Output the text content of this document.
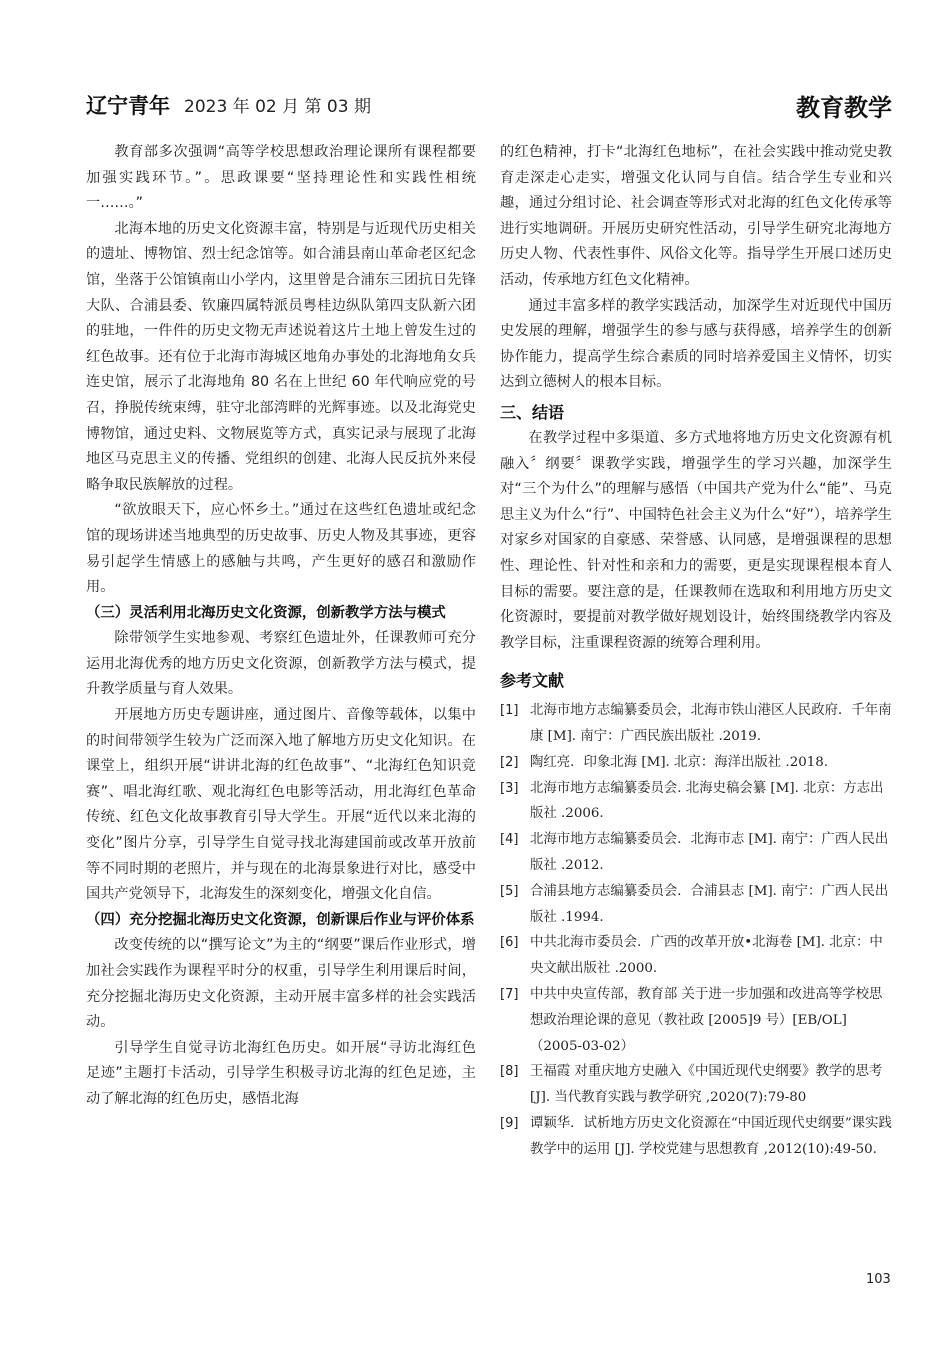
辽宁青年 2023 年 02 月 第 03 期	教育教学

教育部多次强调“高等学校思想政治理论课所有课程都要加强实践环节。”。思政课要“坚持理论性和实践性相统一……。”

北海本地的历史文化资源丰富，特别是与近现代历史相关的遗址、博物馆、烈士纪念馆等。如合浦县南山革命老区纪念馆，坐落于公馆镇南山小学内，这里曾是合浦东三团抗日先锋大队、合浦县委、钦廉四属特派员粤桂边纵队第四支队新六团的驻地，一件件的历史文物无声述说着这片土地上曾发生过的红色故事。还有位于北海市海城区地角办事处的北海地角女兵连史馆，展示了北海地角 80 名在上世纪 60 年代响应党的号召，挣脱传统束缚，驻守北部湾畔的光辉事迹。以及北海党史博物馆，通过史料、文物展览等方式，真实记录与展现了北海地区马克思主义的传播、党组织的创建、北海人民反抗外来侵略争取民族解放的过程。

“欲放眼天下，应心怀乡土。”通过在这些红色遗址或纪念馆的现场讲述当地典型的历史故事、历史人物及其事迹，更容易引起学生情感上的感触与共鸣，产生更好的感召和激励作用。

（三）灵活利用北海历史文化资源，创新教学方法与模式

除带领学生实地参观、考察红色遗址外，任课教师可充分运用北海优秀的地方历史文化资源，创新教学方法与模式，提升教学质量与育人效果。

开展地方历史专题讲座，通过图片、音像等载体，以集中的时间带领学生较为广泛而深入地了解地方历史文化知识。在课堂上，组织开展“讲讲北海的红色故事”、“北海红色知识竞赛”、唱北海红歌、观北海红色电影等活动，用北海红色革命传统、红色文化故事教育引导大学生。开展“近代以来北海的变化”图片分享，引导学生自觉寻找北海建国前或改革开放前等不同时期的老照片，并与现在的北海景象进行对比，感受中国共产党领导下，北海发生的深刻变化，增强文化自信。

（四）充分挖掘北海历史文化资源，创新课后作业与评价体系

改变传统的以“撰写论文”为主的“纲要”课后作业形式，增加社会实践作为课程平时分的权重，引导学生利用课后时间，充分挖掘北海历史文化资源，主动开展丰富多样的社会实践活动。

引导学生自觉寻访北海红色历史。如开展“寻访北海红色足迹”主题打卡活动，引导学生积极寻访北海的红色足迹，主动了解北海的红色历史，感悟北海

的红色精神，打卡“北海红色地标”，在社会实践中推动党史教育走深走心走实，增强文化认同与自信。结合学生专业和兴趣，通过分组讨论、社会调查等形式对北海的红色文化传承等进行实地调研。开展历史研究性活动，引导学生研究北海地方历史人物、代表性事件、风俗文化等。指导学生开展口述历史活动，传承地方红色文化精神。

通过丰富多样的教学实践活动，加深学生对近现代中国历史发展的理解，增强学生的参与感与获得感，培养学生的创新协作能力，提高学生综合素质的同时培养爱国主义情怀，切实达到立德树人的根本目标。

三、结语

在教学过程中多渠道、多方式地将地方历史文化资源有机融入〞纲要〞课教学实践，增强学生的学习兴趣，加深学生对“三个为什么”的理解与感悟（中国共产党为什么“能”、马克思主义为什么“行”、中国特色社会主义为什么“好”），培养学生对家乡对国家的自豪感、荣誉感、认同感，是增强课程的思想性、理论性、针对性和亲和力的需要，更是实现课程根本育人目标的需要。要注意的是，任课教师在选取和利用地方历史文化资源时，要提前对教学做好规划设计，始终围绕教学内容及教学目标，注重课程资源的统筹合理利用。

参考文献
[1] 北海市地方志编纂委员会，北海市铁山港区人民政府．千年南康 [M]. 南宁：广西民族出版社 .2019.
[2] 陶红亮．印象北海 [M]. 北京：海洋出版社 .2018.
[3] 北海市地方志编纂委员会. 北海史稿会纂 [M]. 北京：方志出版社 .2006.
[4] 北海市地方志编纂委员会．北海市志 [M]. 南宁：广西人民出版社 .2012.
[5] 合浦县地方志编纂委员会．合浦县志 [M]. 南宁：广西人民出版社 .1994.
[6] 中共北海市委员会．广西的改革开放•北海卷 [M]. 北京：中央文献出版社 .2000.
[7] 中共中央宣传部，教育部 关于进一步加强和改进高等学校思想政治理论课的意见（教社政 [2005]9 号）[EB/OL]（2005-03-02）
[8] 王福霞 对重庆地方史融入《中国近现代史纲要》教学的思考 [J]. 当代教育实践与教学研究 ,2020(7):79-80
[9] 谭颖华．试析地方历史文化资源在“中国近现代史纲要”课实践教学中的运用 [J]. 学校党建与思想教育 ,2012(10):49-50.
103
